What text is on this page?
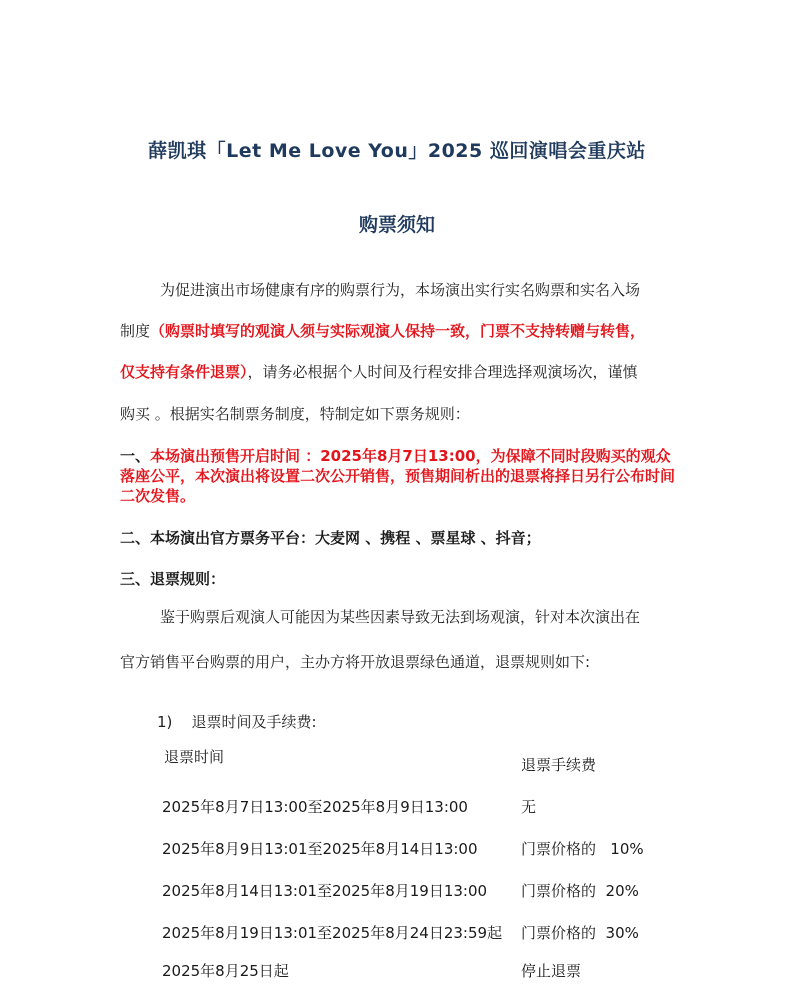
薛凯琪「Let Me Love You」2025 巡回演唱会重庆站
购票须知
为促进演出市场健康有序的购票行为，本场演出实行实名购票和实名入场
制度（购票时填写的观演人须与实际观演人保持一致，门票不支持转赠与转售，
仅支持有条件退票），请务必根据个人时间及行程安排合理选择观演场次，谨慎
购买 。根据实名制票务制度，特制定如下票务规则：
一、本场演出预售开启时间 ：2025年8月7日13:00，为保障不同时段购买的观众落座公平，本次演出将设置二次公开销售，预售期间析出的退票将择日另行公布时间二次发售。
二、本场演出官方票务平台：大麦网 、携程 、票星球 、抖音；
三、退票规则：
鉴于购票后观演人可能因为某些因素导致无法到场观演，针对本次演出在
官方销售平台购票的用户，主办方将开放退票绿色通道，退票规则如下:
1)    退票时间及手续费:
退票时间	退票手续费
2025年8月7日13:00至2025年8月9日13:00	无
2025年8月9日13:01至2025年8月14日13:00	门票价格的   10%
2025年8月14日13:01至2025年8月19日13:00 门票价格的  20%
2025年8月19日13:01至2025年8月24日23:59起 门票价格的  30%
2025年8月25日起	停止退票
